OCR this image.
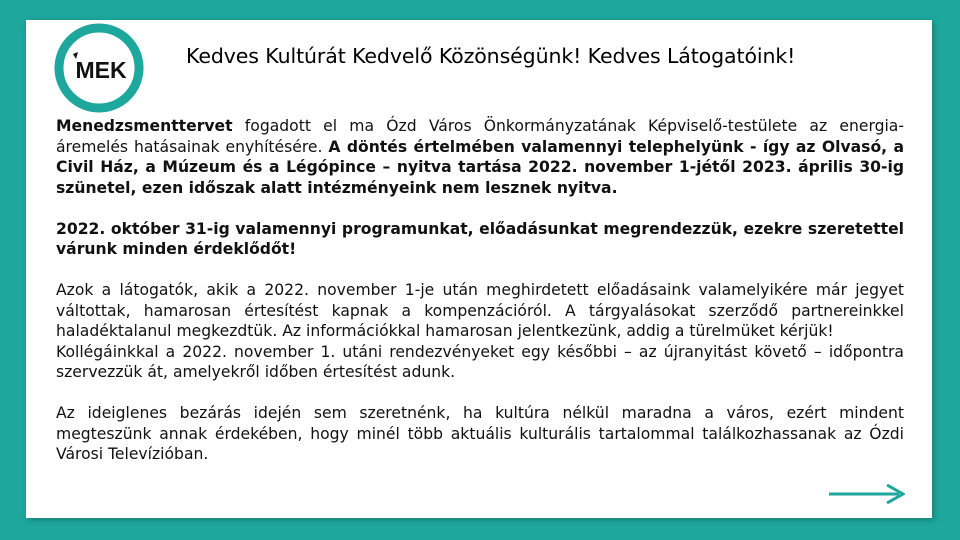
MEK
Kedves Kultúrát Kedvelő Közönségünk! Kedves Látogatóink!

Menedzsmenttervet fogadott el ma Ózd Város Önkormányzatának Képviselő-testülete az energia-áremelés hatásainak enyhítésére. A döntés értelmében valamennyi telephelyünk - így az Olvasó, a Civil Ház, a Múzeum és a Légópince – nyitva tartása 2022. november 1-jétől 2023. április 30-ig szünetel, ezen időszak alatt intézményeink nem lesznek nyitva.

2022. október 31-ig valamennyi programunkat, előadásunkat megrendezzük, ezekre szeretettel várunk minden érdeklődőt!

Azok a látogatók, akik a 2022. november 1-je után meghirdetett előadásaink valamelyikére már jegyet váltottak, hamarosan értesítést kapnak a kompenzációról. A tárgyalásokat szerződő partnereinkkel haladéktalanul megkezdtük. Az információkkal hamarosan jelentkezünk, addig a türelmüket kérjük!

Kollégáinkkal a 2022. november 1. utáni rendezvényeket egy későbbi – az újranyitást követő – időpontra szervezzük át, amelyekről időben értesítést adunk.

Az ideiglenes bezárás idején sem szeretnénk, ha kultúra nélkül maradna a város, ezért mindent megteszünk annak érdekében, hogy minél több aktuális kulturális tartalommal találkozhassanak az Ózdi Városi Televízióban.
